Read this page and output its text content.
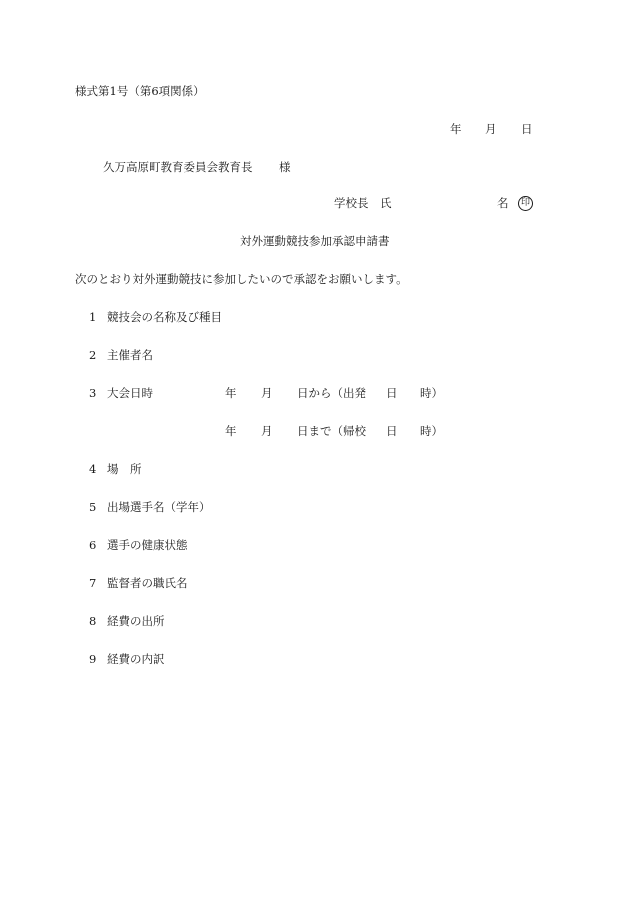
様式第1号（第6項関係）
年 月 日
久万高原町教育委員会教育長 様
学校長 氏	名	印
対外運動競技参加承認申請書
次のとおり対外運動競技に参加したいので承認をお願いします。
1 競技会の名称及び種目
2 主催者名
3 大会日時	年 月 日から（出発 日 時）
年 月 日まで（帰校 日 時）
4 場　所
5 出場選手名（学年）
6 選手の健康状態
7 監督者の職氏名
8 経費の出所
9 経費の内訳
